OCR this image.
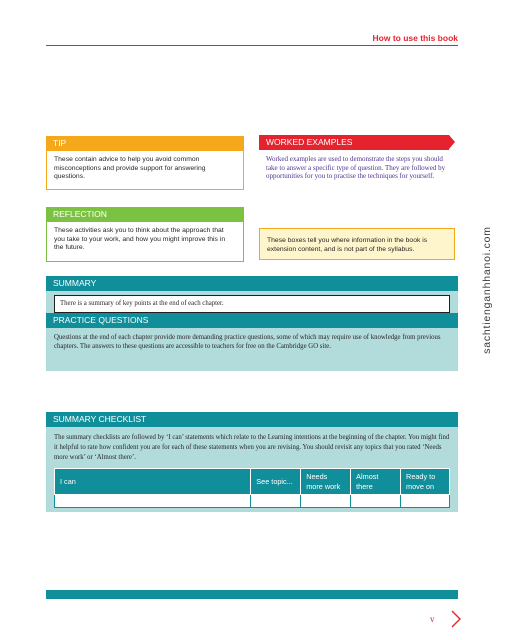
How to use this book
TIP
These contain advice to help you avoid common misconceptions and provide support for answering questions.
WORKED EXAMPLES
Worked examples are used to demonstrate the steps you should take to answer a specific type of question. They are followed by opportunities for you to practise the techniques for yourself.
REFLECTION
These activities ask you to think about the approach that you take to your work, and how you might improve this in the future.
These boxes tell you where information in the book is extension content, and is not part of the syllabus.
SUMMARY
There is a summary of key points at the end of each chapter.
PRACTICE QUESTIONS
Questions at the end of each chapter provide more demanding practice questions, some of which may require use of knowledge from previous chapters. The answers to these questions are accessible to teachers for free on the Cambridge GO site.
SUMMARY CHECKLIST
The summary checklists are followed by ‘I can’ statements which relate to the Learning intentions at the beginning of the chapter. You might find it helpful to rate how confident you are for each of these statements when you are revising. You should revisit any topics that you rated ‘Needs more work’ or ‘Almost there’.
I can	See topic...	Needs more work	Almost there	Ready to move on

v
sachtienganhhanoi.com
